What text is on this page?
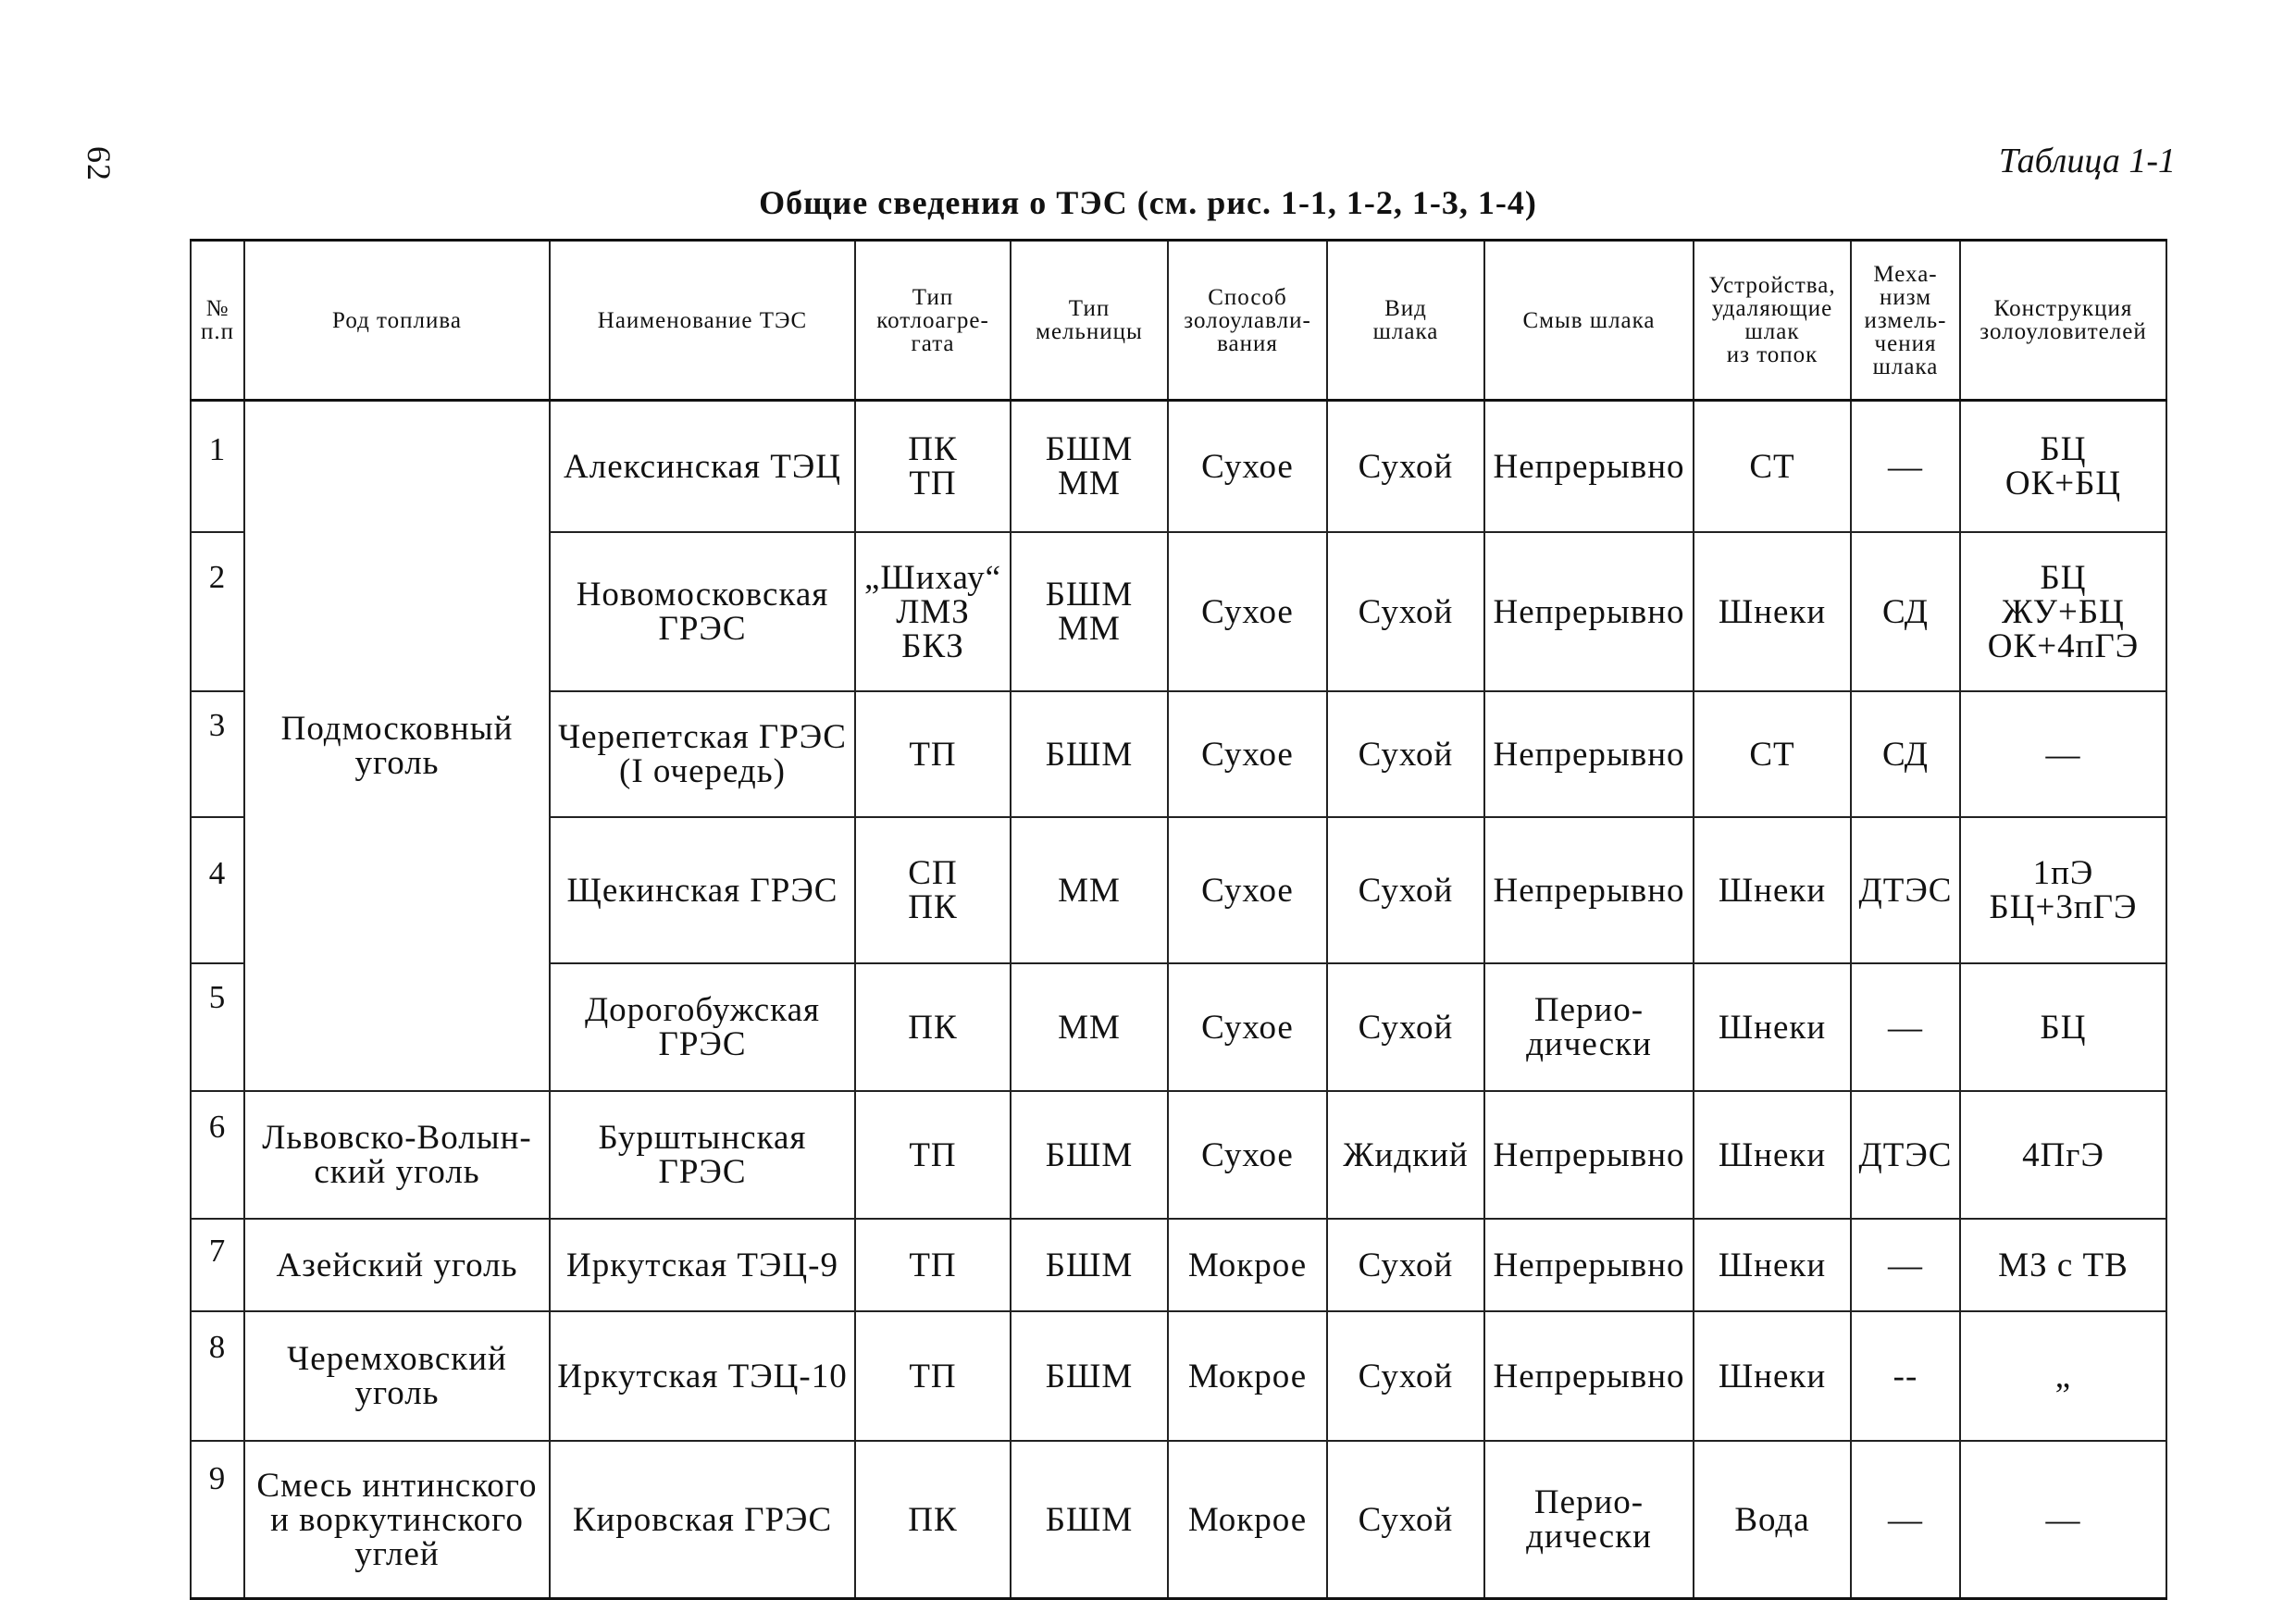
62	Таблица 1-1
Общие сведения о ТЭС (см. рис. 1-1, 1-2, 1-3, 1-4)
№
п.п	Род топлива	Наименование ТЭС	Тип
котлоагре-
гата	Тип
мельницы	Способ
золоулавли-
вания	Вид
шлака	Смыв шлака	Устройства,
удаляющие
шлак
из топок	Меха-
низм
измель-
чения
шлака	Конструкция
золоуловителей
1	Подмосковный
уголь	Алексинская ТЭЦ	ПК
ТП	БШМ
ММ	Сухое	Сухой	Непрерывно	СТ	—	БЦ
ОК+БЦ
2		Новомосковская
ГРЭС	„Шихау“
ЛМЗ
БКЗ	БШМ
ММ	Сухое	Сухой	Непрерывно	Шнеки	СД	БЦ
ЖУ+БЦ
ОК+4пГЭ
3		Черепетская ГРЭС
(I очередь)	ТП	БШМ	Сухое	Сухой	Непрерывно	СТ	СД	—
4		Щекинская ГРЭС	СП
ПК	ММ	Сухое	Сухой	Непрерывно	Шнеки	ДТЭС	1пЭ
БЦ+3пГЭ
5		Дорогобужская
ГРЭС	ПК	ММ	Сухое	Сухой	Перио-
дически	Шнеки	—	БЦ
6	Львовско-Волын-
ский уголь	Бурштынская
ГРЭС	ТП	БШМ	Сухое	Жидкий	Непрерывно	Шнеки	ДТЭС	4ПгЭ
7	Азейский уголь	Иркутская ТЭЦ-9	ТП	БШМ	Мокрое	Сухой	Непрерывно	Шнеки	—	МЗ с ТВ
8	Черемховский
уголь	Иркутская ТЭЦ-10	ТП	БШМ	Мокрое	Сухой	Непрерывно	Шнеки	--	„
9	Смесь интинского
и воркутинского
углей	Кировская ГРЭС	ПК	БШМ	Мокрое	Сухой	Перио-
дически	Вода	—	—
